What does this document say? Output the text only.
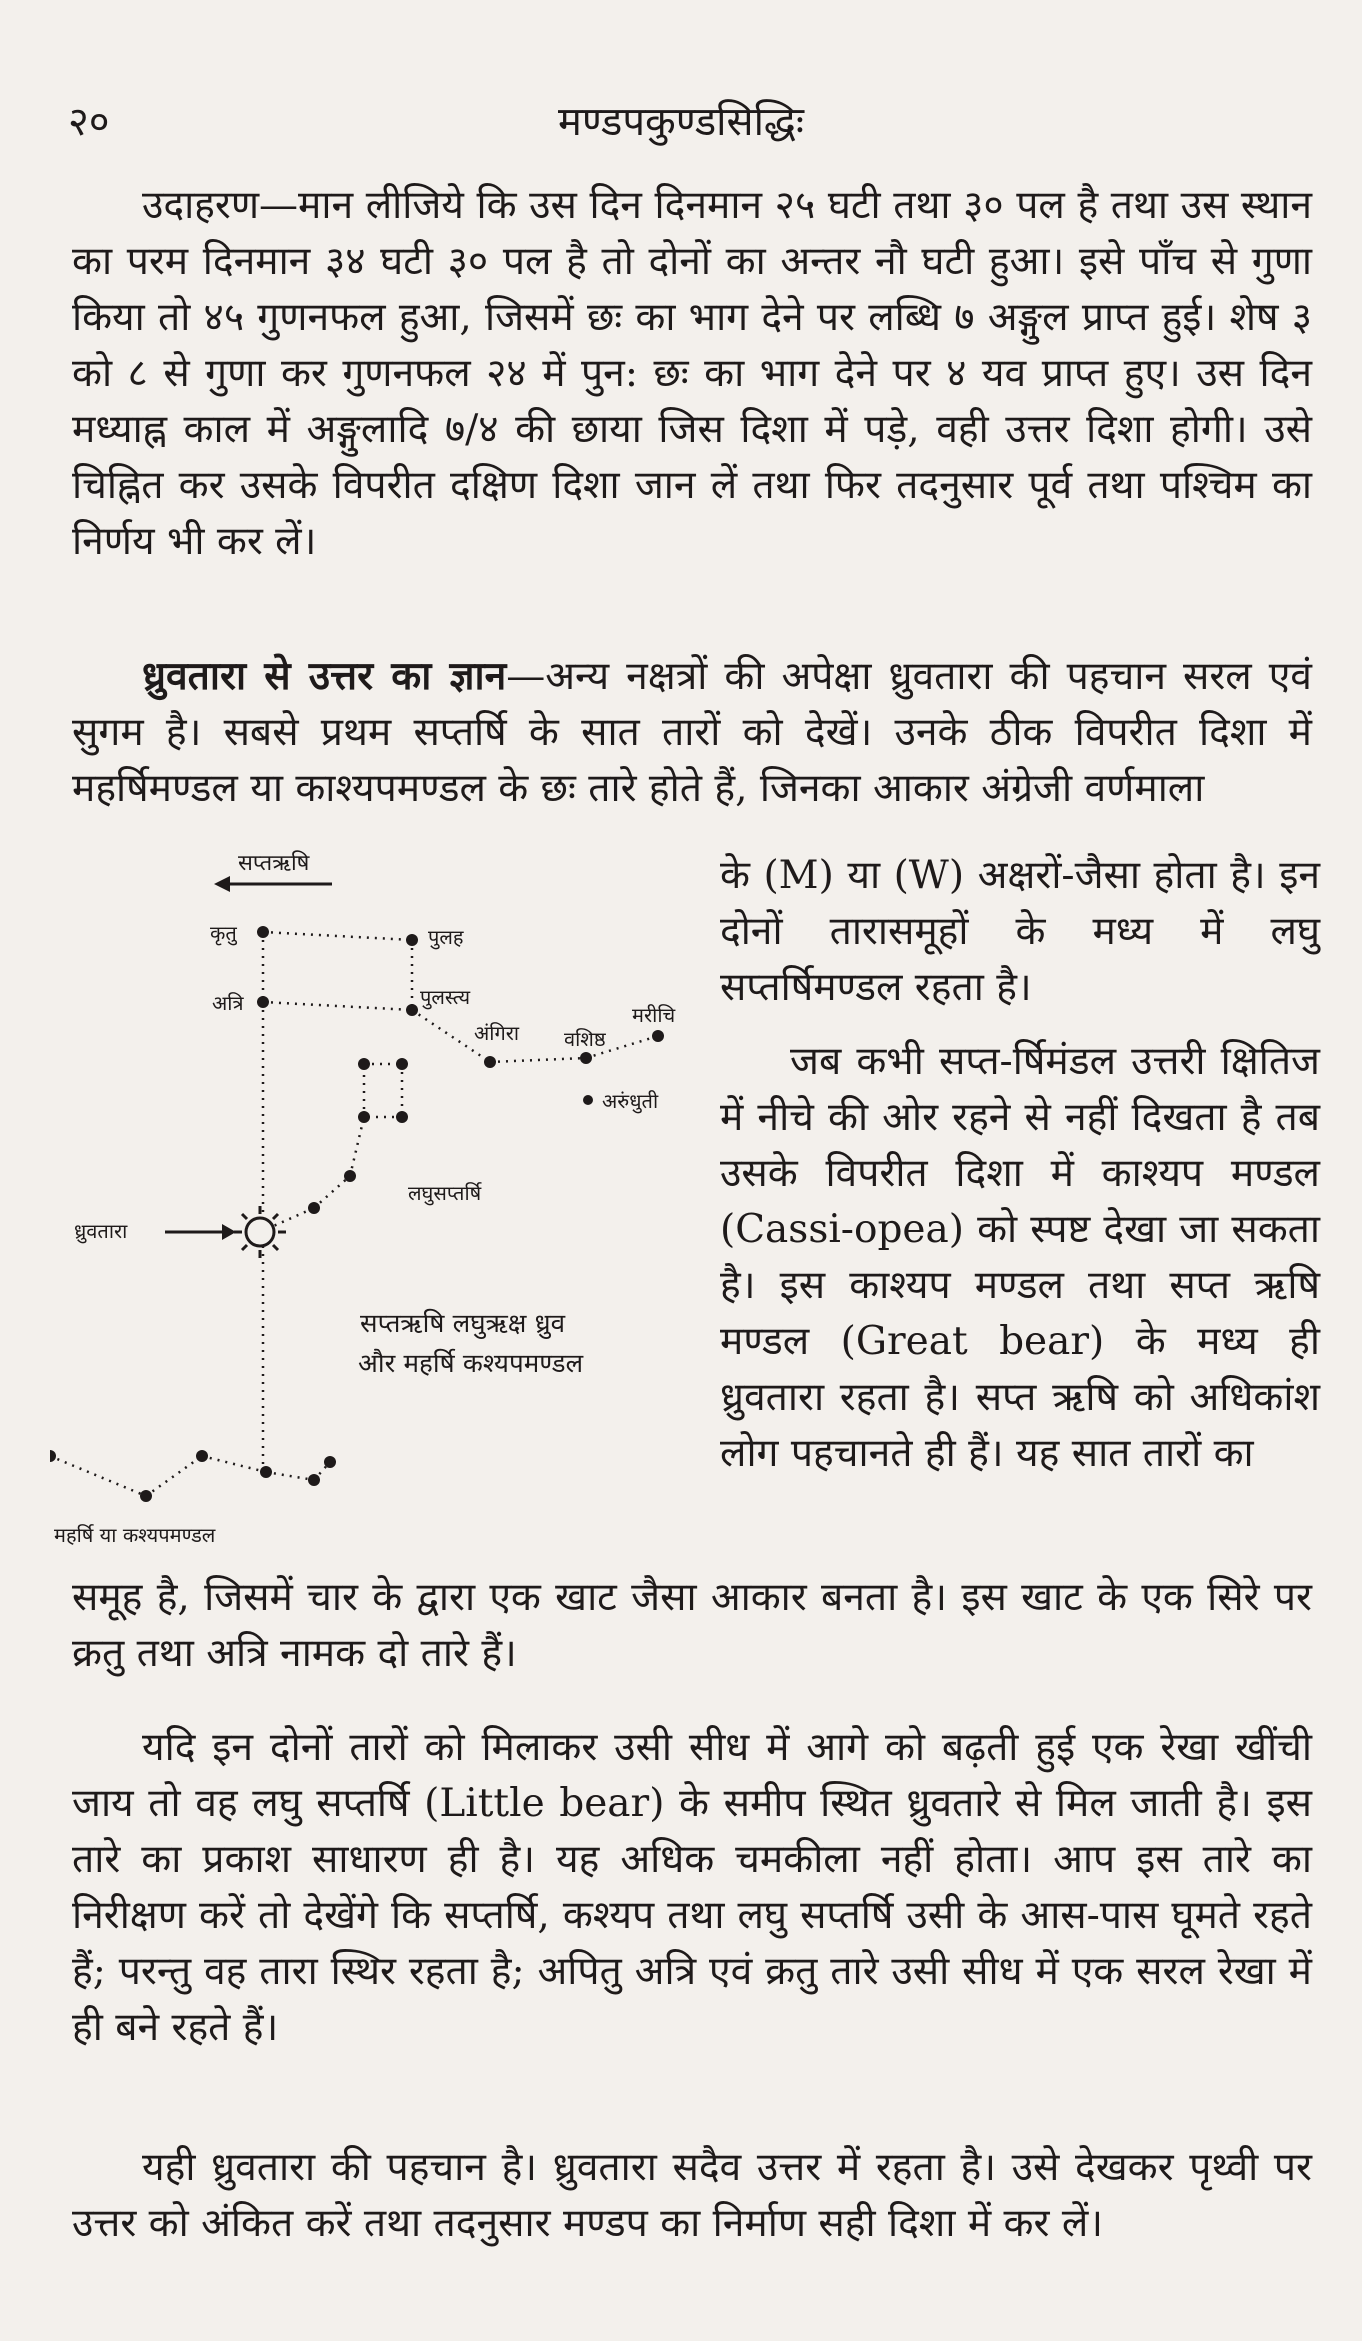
२०	मण्डपकुण्डसिद्धिः

उदाहरण—मान लीजिये कि उस दिन दिनमान २५ घटी तथा ३० पल है तथा उस स्थान का परम दिनमान ३४ घटी ३० पल है तो दोनों का अन्तर नौ घटी हुआ। इसे पाँच से गुणा किया तो ४५ गुणनफल हुआ, जिसमें छः का भाग देने पर लब्धि ७ अङ्गुल प्राप्त हुई। शेष ३ को ८ से गुणा कर गुणनफल २४ में पुन: छः का भाग देने पर ४ यव प्राप्त हुए। उस दिन मध्याह्न काल में अङ्गुलादि ७/४ की छाया जिस दिशा में पड़े, वही उत्तर दिशा होगी। उसे चिह्नित कर उसके विपरीत दक्षिण दिशा जान लें तथा फिर तदनुसार पूर्व तथा पश्चिम का निर्णय भी कर लें।

ध्रुवतारा से उत्तर का ज्ञान—अन्य नक्षत्रों की अपेक्षा ध्रुवतारा की पहचान सरल एवं सुगम है। सबसे प्रथम सप्तर्षि के सात तारों को देखें। उनके ठीक विपरीत दिशा में महर्षिमण्डल या काश्यपमण्डल के छः तारे होते हैं, जिनका आकार अंग्रेजी वर्णमाला

सप्तऋषि
कृतु	पुलह
अत्रि	पुलस्त्य
अंगिरा वशिष्ठ
मरीचि
अरुंधुती
लघुसप्तर्षि
ध्रुवतारा
सप्तऋषि लघुऋक्ष ध्रुव
और महर्षि कश्यपमण्डल
महर्षि या कश्यपमण्डल

के (M) या (W) अक्षरों-जैसा होता है। इन दोनों तारासमूहों के मध्य में लघु सप्तर्षिमण्डल रहता है।

जब कभी सप्त-र्षिमंडल उत्तरी क्षितिज में नीचे की ओर रहने से नहीं दिखता है तब उसके विपरीत दिशा में काश्यप मण्डल (Cassi-opea) को स्पष्ट देखा जा सकता है। इस काश्यप मण्डल तथा सप्त ऋषि मण्डल (Great bear) के मध्य ही ध्रुवतारा रहता है। सप्त ऋषि को अधिकांश लोग पहचानते ही हैं। यह सात तारों का

समूह है, जिसमें चार के द्वारा एक खाट जैसा आकार बनता है। इस खाट के एक सिरे पर क्रतु तथा अत्रि नामक दो तारे हैं।

यदि इन दोनों तारों को मिलाकर उसी सीध में आगे को बढ़ती हुई एक रेखा खींची जाय तो वह लघु सप्तर्षि (Little bear) के समीप स्थित ध्रुवतारे से मिल जाती है। इस तारे का प्रकाश साधारण ही है। यह अधिक चमकीला नहीं होता। आप इस तारे का निरीक्षण करें तो देखेंगे कि सप्तर्षि, कश्यप तथा लघु सप्तर्षि उसी के आस-पास घूमते रहते हैं; परन्तु वह तारा स्थिर रहता है; अपितु अत्रि एवं क्रतु तारे उसी सीध में एक सरल रेखा में ही बने रहते हैं।

यही ध्रुवतारा की पहचान है। ध्रुवतारा सदैव उत्तर में रहता है। उसे देखकर पृथ्वी पर उत्तर को अंकित करें तथा तदनुसार मण्डप का निर्माण सही दिशा में कर लें।
